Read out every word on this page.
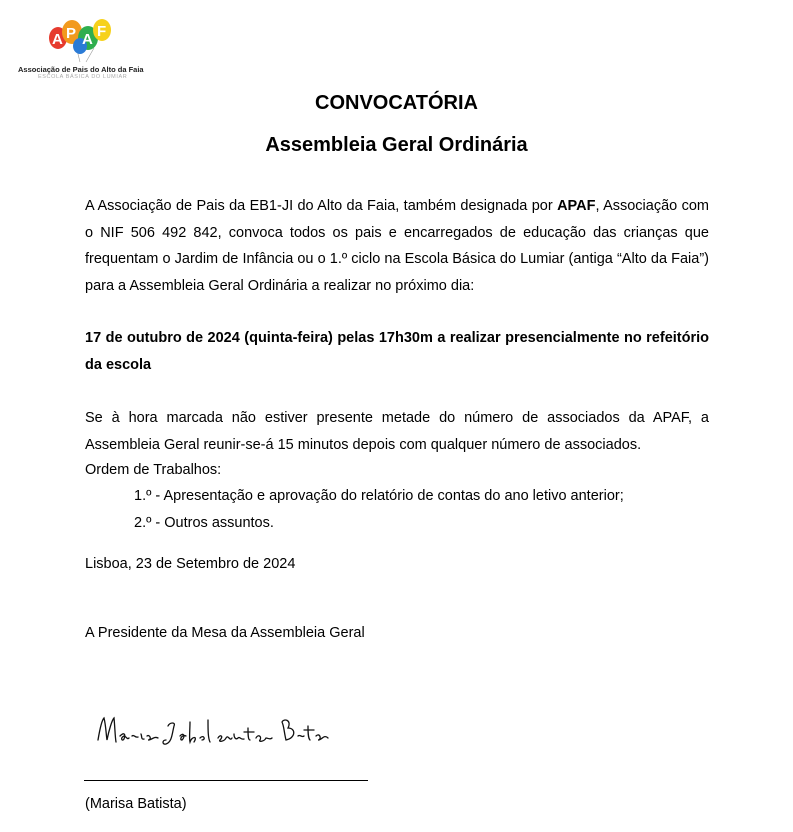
A P A F
Associação de Pais do Alto da Faia
ESCOLA BÁSICA DO LUMIAR
CONVOCATÓRIA
Assembleia Geral Ordinária
A Associação de Pais da EB1-JI do Alto da Faia, também designada por APAF, Associação com o NIF 506 492 842, convoca todos os pais e encarregados de educação das crianças que frequentam o Jardim de Infância ou o 1.º ciclo na Escola Básica do Lumiar (antiga “Alto da Faia”) para a Assembleia Geral Ordinária a realizar no próximo dia:
17 de outubro de 2024 (quinta-feira) pelas 17h30m a realizar presencialmente no refeitório da escola
Se à hora marcada não estiver presente metade do número de associados da APAF, a Assembleia Geral reunir-se-á 15 minutos depois com qualquer número de associados.
Ordem de Trabalhos:
1.º - Apresentação e aprovação do relatório de contas do ano letivo anterior;
2.º - Outros assuntos.
Lisboa, 23 de Setembro de 2024
A Presidente da Mesa da Assembleia Geral
(Marisa Batista)
